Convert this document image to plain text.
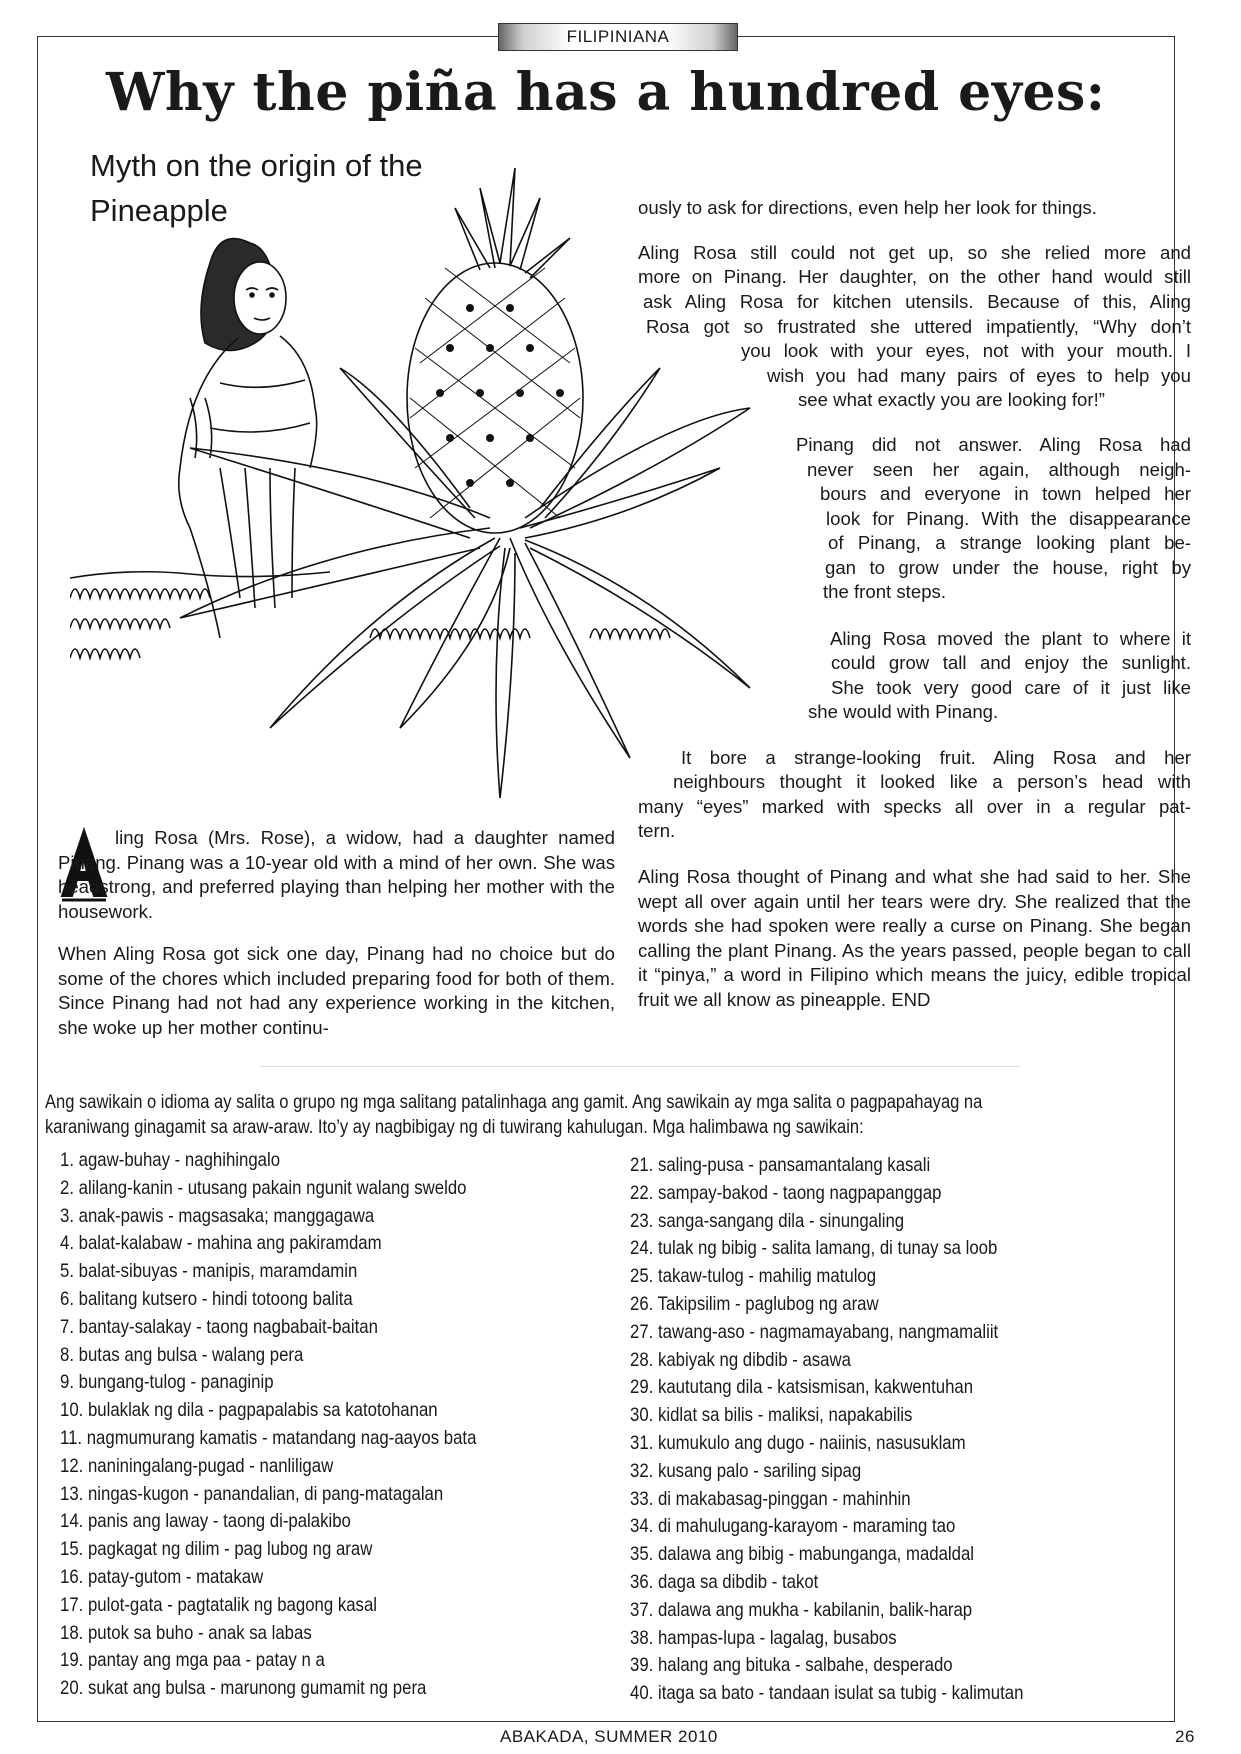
FILIPINIANA
Why the piña has a hundred eyes:
Myth on the origin of the Pineapple

ling Rosa (Mrs. Rose), a widow, had a daughter named Pinang. Pinang was a 10-year old with a mind of her own. She was headstrong, and preferred playing than helping her mother with the housework.

When Aling Rosa got sick one day, Pinang had no choice but do some of the chores which included preparing food for both of them. Since Pinang had not had any experience working in the kitchen, she woke up her mother continu-

ously to ask for directions, even help her look for things.
Aling Rosa still could not get up, so she relied more and
more on Pinang. Her daughter, on the other hand would still
ask Aling Rosa for kitchen utensils. Because of this, Aling
Rosa got so frustrated she uttered impatiently, “Why don’t
you look with your eyes, not with your mouth. I
wish you had many pairs of eyes to help you
see what exactly you are looking for!”
Pinang did not answer. Aling Rosa had
never seen her again, although neigh-
bours and everyone in town helped her
look for Pinang. With the disappearance
of Pinang, a strange looking plant be-
gan to grow under the house, right by
the front steps.
Aling Rosa moved the plant to where it
could grow tall and enjoy the sunlight.
She took very good care of it just like
she would with Pinang.
It bore a strange-looking fruit. Aling Rosa and her
neighbours thought it looked like a person’s head with
many “eyes” marked with specks all over in a regular pat-
tern.
Aling Rosa thought of Pinang and what she had said to her. She wept all over again until her tears were dry. She realized that the words she had spoken were really a curse on Pinang. She began calling the plant Pinang. As the years passed, people began to call it “pinya,” a word in Filipino which means the juicy, edible tropical fruit we all know as pineapple. END
Ang sawikain o idioma ay salita o grupo ng mga salitang patalinhaga ang gamit. Ang sawikain ay mga salita o pagpapahayag na karaniwang ginagamit sa araw-araw. Ito’y ay nagbibigay ng di tuwirang kahulugan. Mga halimbawa ng sawikain:
1. agaw-buhay - naghihingalo
2. alilang-kanin - utusang pakain ngunit walang sweldo
3. anak-pawis - magsasaka; manggagawa
4. balat-kalabaw - mahina ang pakiramdam
5. balat-sibuyas - manipis, maramdamin
6. balitang kutsero - hindi totoong balita
7. bantay-salakay - taong nagbabait-baitan
8. butas ang bulsa - walang pera
9. bungang-tulog - panaginip
10. bulaklak ng dila - pagpapalabis sa katotohanan
11. nagmumurang kamatis - matandang nag-aayos bata
12. naniningalang-pugad - nanliligaw
13. ningas-kugon - panandalian, di pang-matagalan
14. panis ang laway - taong di-palakibo
15. pagkagat ng dilim - pag lubog ng araw
16. patay-gutom - matakaw
17. pulot-gata - pagtatalik ng bagong kasal
18. putok sa buho - anak sa labas
19. pantay ang mga paa - patay n a
20. sukat ang bulsa - marunong gumamit ng pera
21. saling-pusa - pansamantalang kasali
22. sampay-bakod - taong nagpapanggap
23. sanga-sangang dila - sinungaling
24. tulak ng bibig - salita lamang, di tunay sa loob
25. takaw-tulog - mahilig matulog
26. Takipsilim - paglubog ng araw
27. tawang-aso - nagmamayabang, nangmamaliit
28. kabiyak ng dibdib - asawa
29. kaututang dila - katsismisan, kakwentuhan
30. kidlat sa bilis - maliksi, napakabilis
31. kumukulo ang dugo - naiinis, nasusuklam
32. kusang palo - sariling sipag
33. di makabasag-pinggan - mahinhin
34. di mahulugang-karayom - maraming tao
35. dalawa ang bibig - mabunganga, madaldal
36. daga sa dibdib - takot
37. dalawa ang mukha - kabilanin, balik-harap
38. hampas-lupa - lagalag, busabos
39. halang ang bituka - salbahe, desperado
40. itaga sa bato - tandaan isulat sa tubig - kalimutan
ABAKADA, SUMMER 2010	26
